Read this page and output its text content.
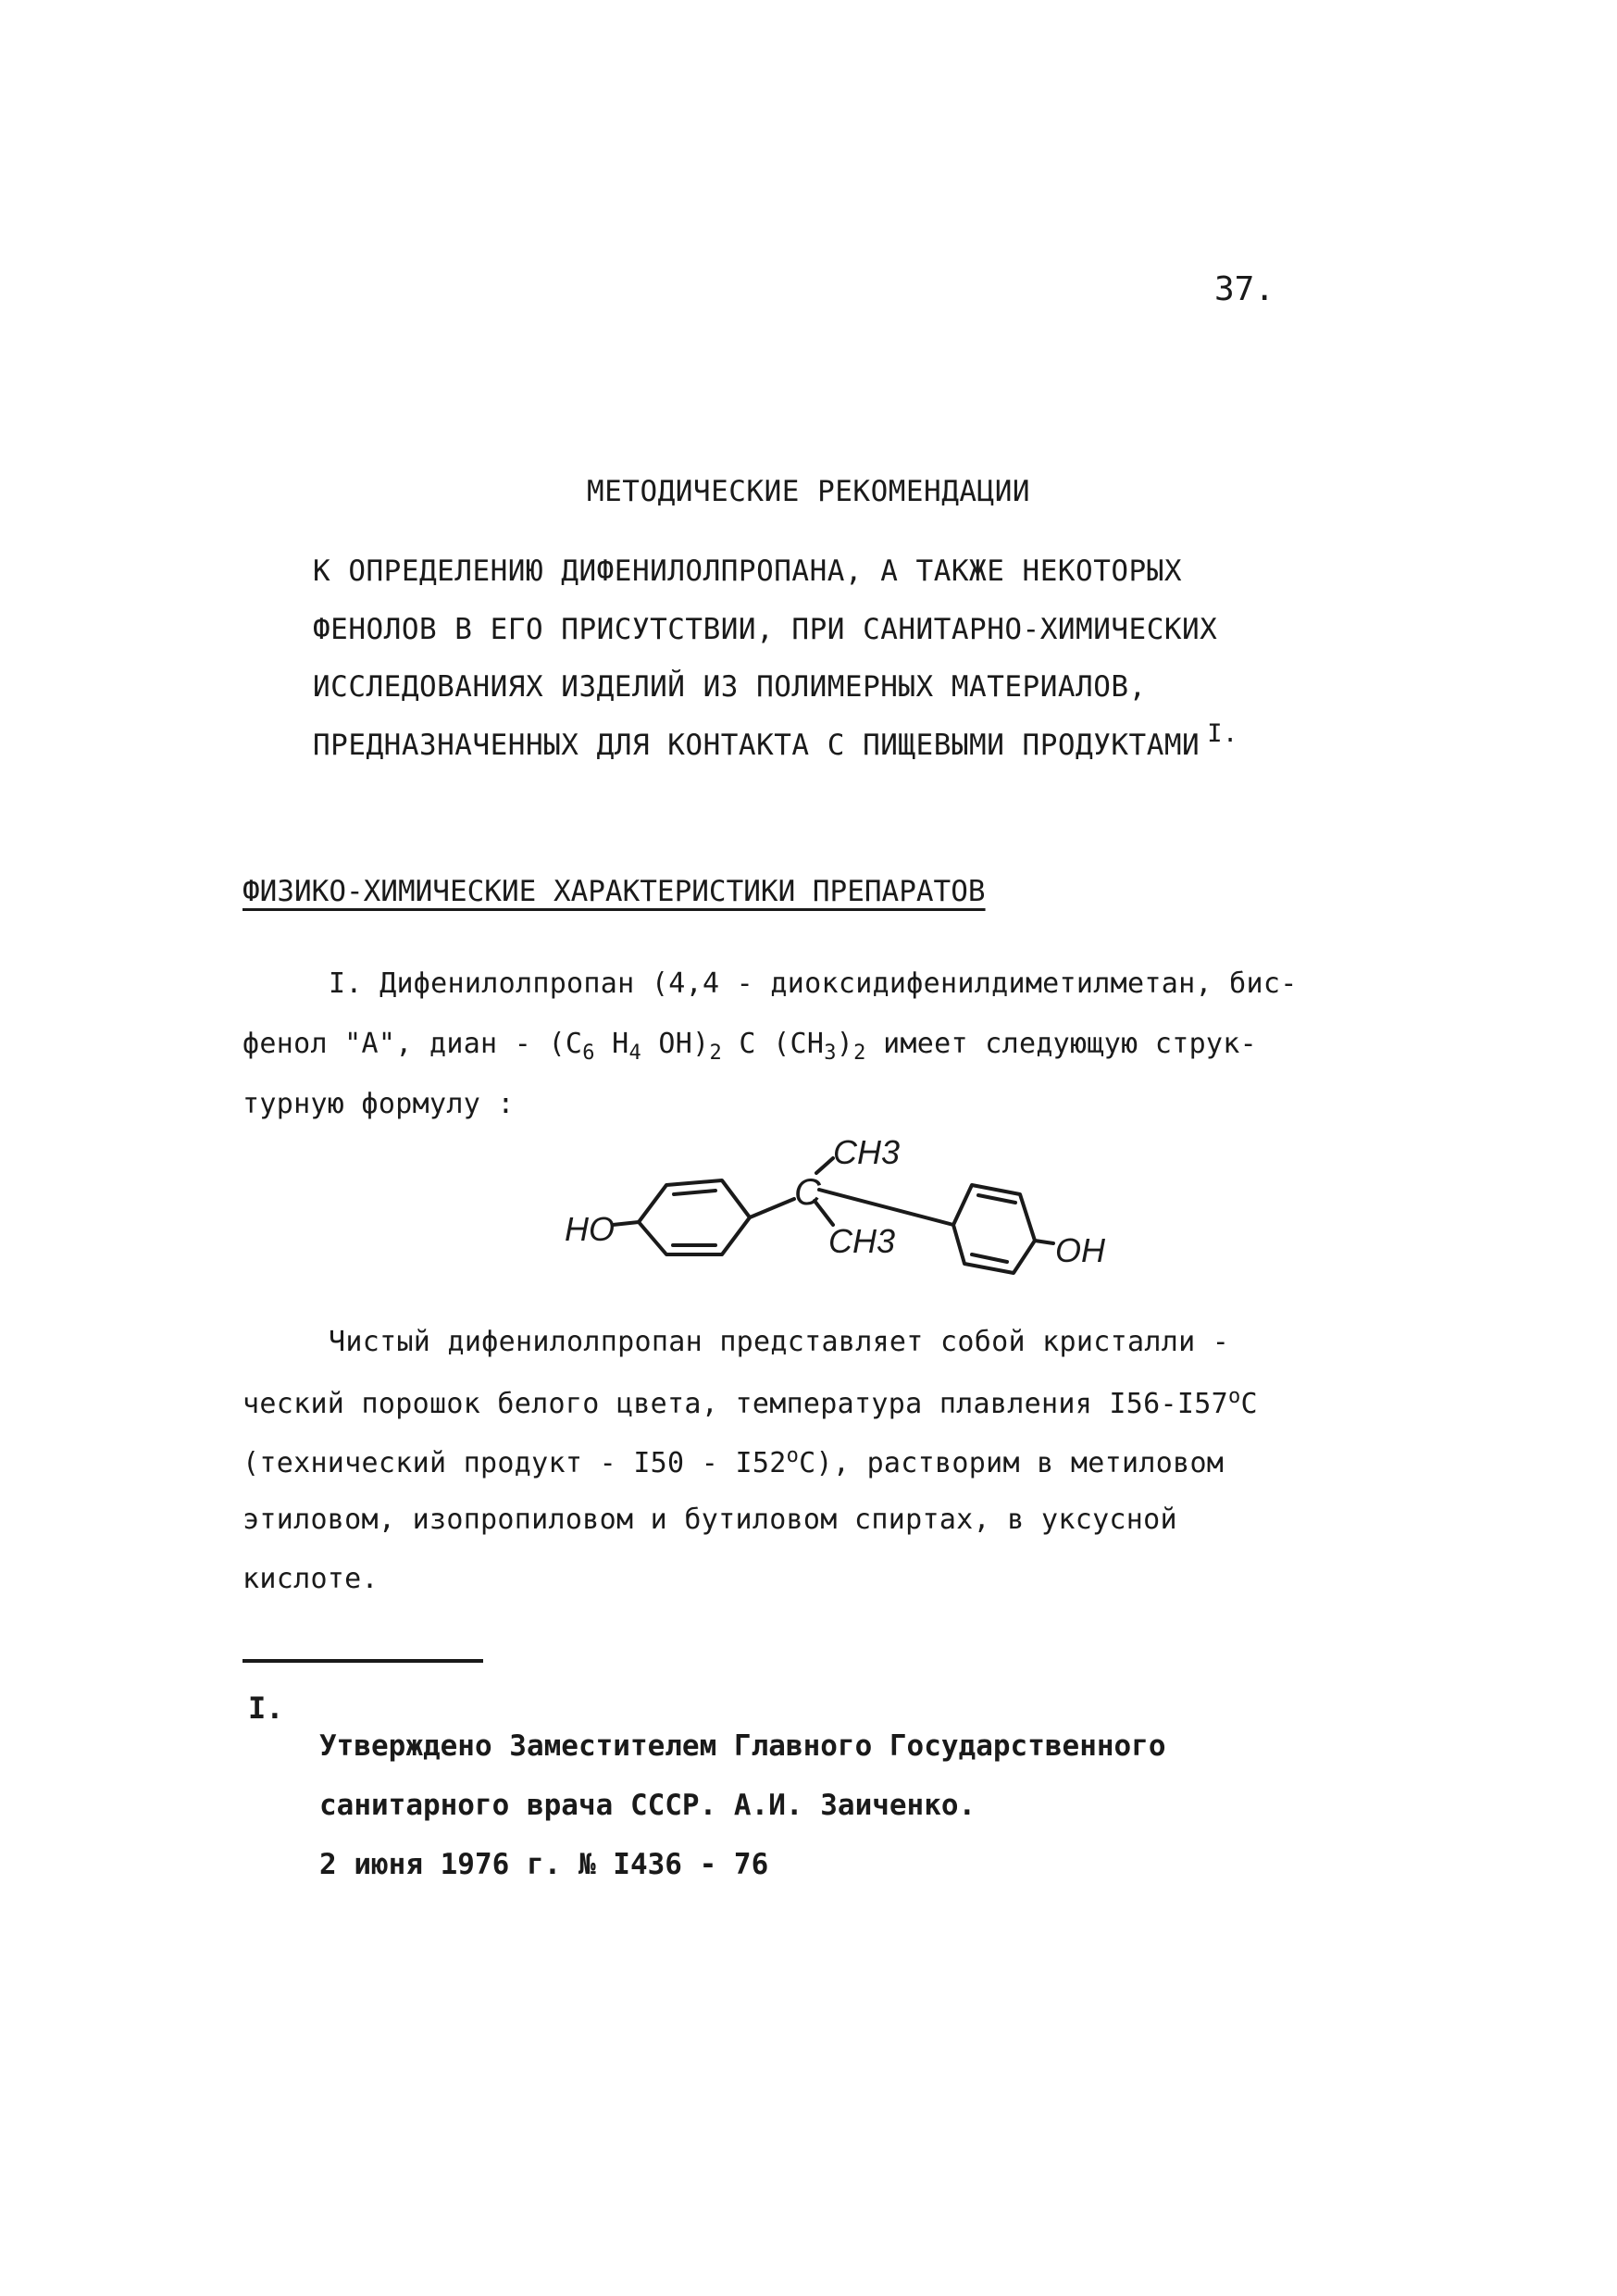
37.
МЕТОДИЧЕСКИЕ РЕКОМЕНДАЦИИ
К ОПРЕДЕЛЕНИЮ ДИФЕНИЛОЛПРОПАНА, А ТАКЖЕ НЕКОТОРЫХ
ФЕНОЛОВ В ЕГО ПРИСУТСТВИИ, ПРИ САНИТАРНО-ХИМИЧЕСКИХ
ИССЛЕДОВАНИЯХ ИЗДЕЛИЙ ИЗ ПОЛИМЕРНЫХ МАТЕРИАЛОВ,
ПРЕДНАЗНАЧЕННЫХ ДЛЯ КОНТАКТА С ПИЩЕВЫМИ ПРОДУКТАМИ I.
ФИЗИКО-ХИМИЧЕСКИЕ ХАРАКТЕРИСТИКИ ПРЕПАРАТОВ
I. Дифенилолпропан (4,4 - диоксидифенилдиметилметан, бис-
фенол "А", диан - ($C_6$ $H_4$ $OH)_2$ C $(CH_3)_2$ имеет следующую струк-
турную формулу :
HO
C
CH3
CH3	OH
Чистый дифенилолпропан представляет собой кристалли -
ческий порошок белого цвета, температура плавления I56-I57$^o$C
(технический продукт - I50 - I52$^o$C), растворим в метиловом
этиловом, изопропиловом и бутиловом спиртах, в уксусной
кислоте.
I.
Утверждено Заместителем Главного Государственного
санитарного врача СССР. А.И. Заиченко.
2 июня 1976 г. № I436 - 76
